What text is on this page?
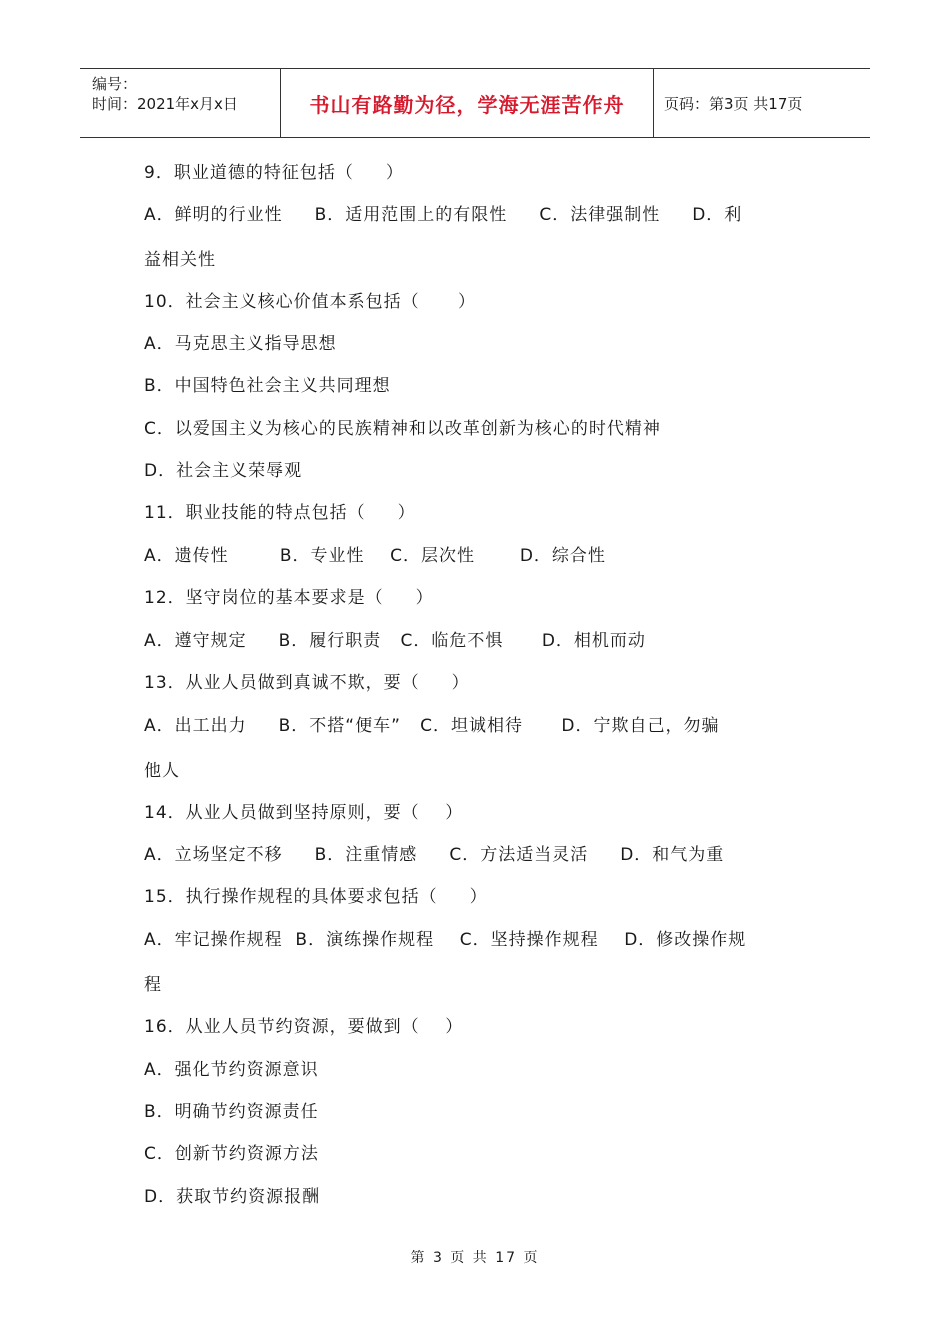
编号：
时间：2021年x月x日	书山有路勤为径，学海无涯苦作舟	页码：第3页 共17页
9．职业道德的特征包括（     ）
A．鲜明的行业性     B．适用范围上的有限性     C．法律强制性     D．利
益相关性
10．社会主义核心价值本系包括（      ）
A．马克思主义指导思想
B．中国特色社会主义共同理想
C．以爱国主义为核心的民族精神和以改革创新为核心的时代精神
D．社会主义荣辱观
11．职业技能的特点包括（     ）
A．遗传性        B．专业性    C．层次性       D．综合性
12．坚守岗位的基本要求是（     ）
A．遵守规定     B．履行职责   C．临危不惧      D．相机而动
13．从业人员做到真诚不欺，要（     ）
A．出工出力     B．不搭“便车”   C．坦诚相待      D．宁欺自己，勿骗
他人
14．从业人员做到坚持原则，要（    ）
A．立场坚定不移     B．注重情感     C．方法适当灵活     D．和气为重
15．执行操作规程的具体要求包括（     ）
A．牢记操作规程  B．演练操作规程    C．坚持操作规程    D．修改操作规
程
16．从业人员节约资源，要做到（    ）
A．强化节约资源意识
B．明确节约资源责任
C．创新节约资源方法
D．获取节约资源报酬
第 3 页 共 17 页
